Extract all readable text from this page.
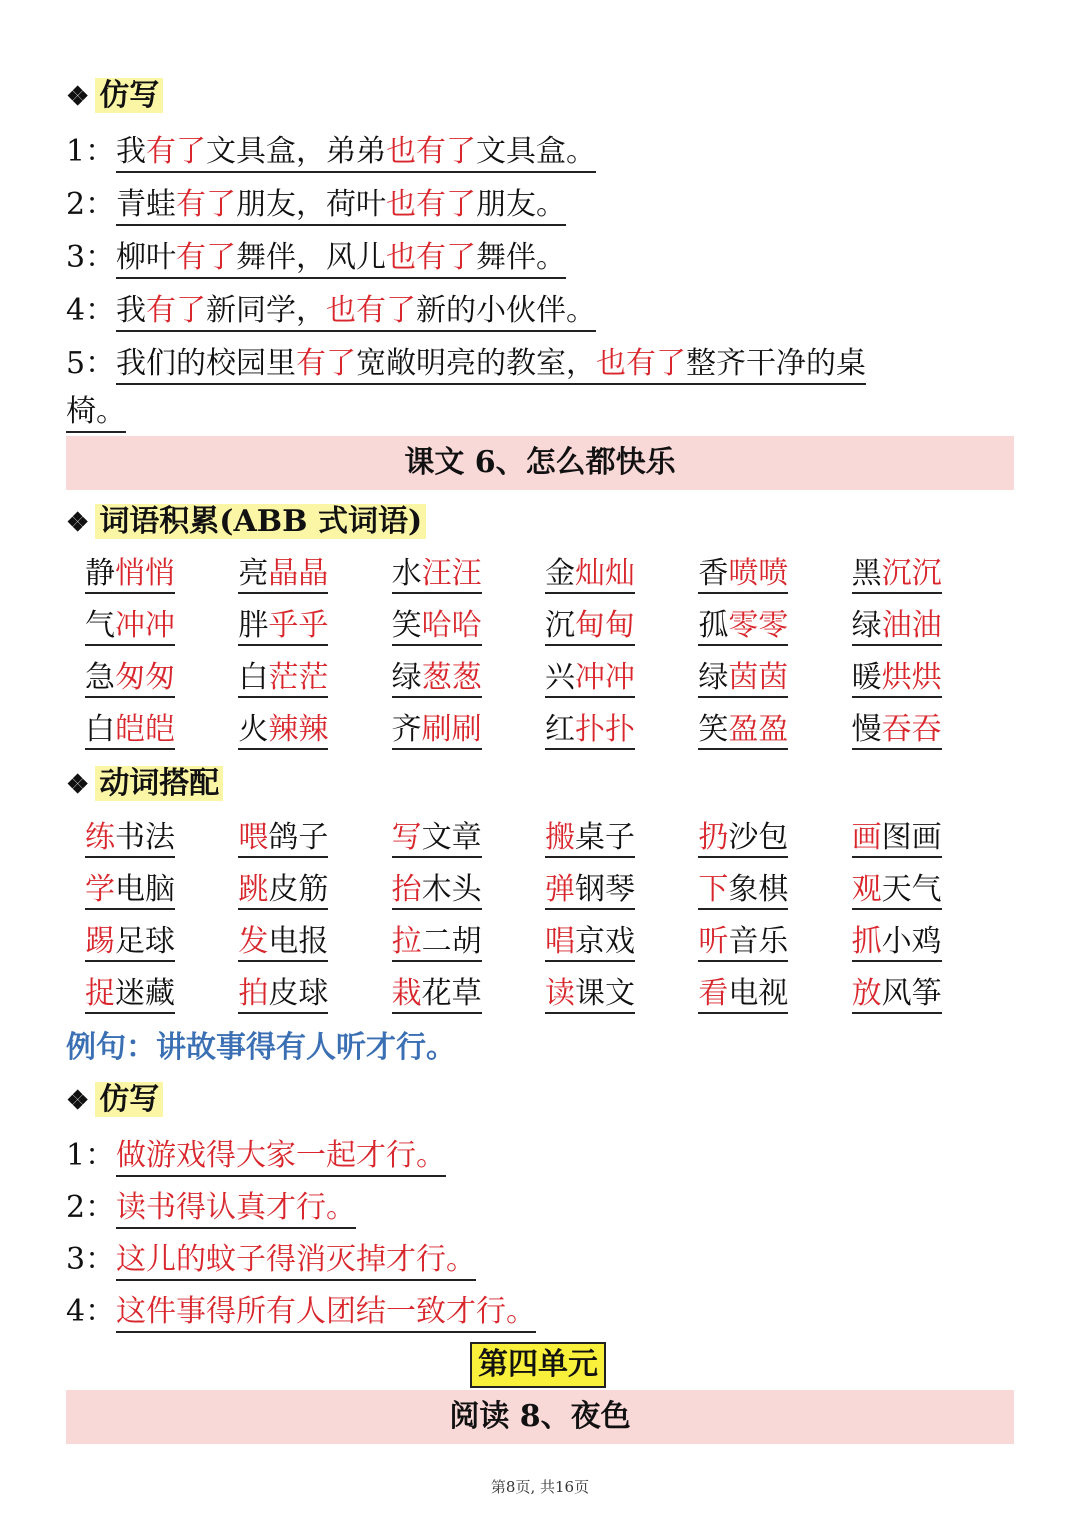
❖ 仿写
1：我有了文具盒，弟弟也有了文具盒。
2：青蛙有了朋友，荷叶也有了朋友。
3：柳叶有了舞伴，风儿也有了舞伴。
4：我有了新同学，也有了新的小伙伴。
5：我们的校园里有了宽敞明亮的教室，也有了整齐干净的桌
椅。
课文 6、怎么都快乐
❖ 词语积累(ABB 式词语)
静悄悄	亮晶晶	水汪汪	金灿灿	香喷喷	黑沉沉
气冲冲	胖乎乎	笑哈哈	沉甸甸	孤零零	绿油油
急匆匆	白茫茫	绿葱葱	兴冲冲	绿茵茵	暖烘烘
白皑皑	火辣辣	齐刷刷	红扑扑	笑盈盈	慢吞吞
❖ 动词搭配
练书法	喂鸽子	写文章	搬桌子	扔沙包	画图画
学电脑	跳皮筋	抬木头	弹钢琴	下象棋	观天气
踢足球	发电报	拉二胡	唱京戏	听音乐	抓小鸡
捉迷藏	拍皮球	栽花草	读课文	看电视	放风筝
例句：讲故事得有人听才行。
❖ 仿写
1：做游戏得大家一起才行。
2：读书得认真才行。
3：这儿的蚊子得消灭掉才行。
4：这件事得所有人团结一致才行。
第四单元
阅读 8、夜色
第8页, 共16页
